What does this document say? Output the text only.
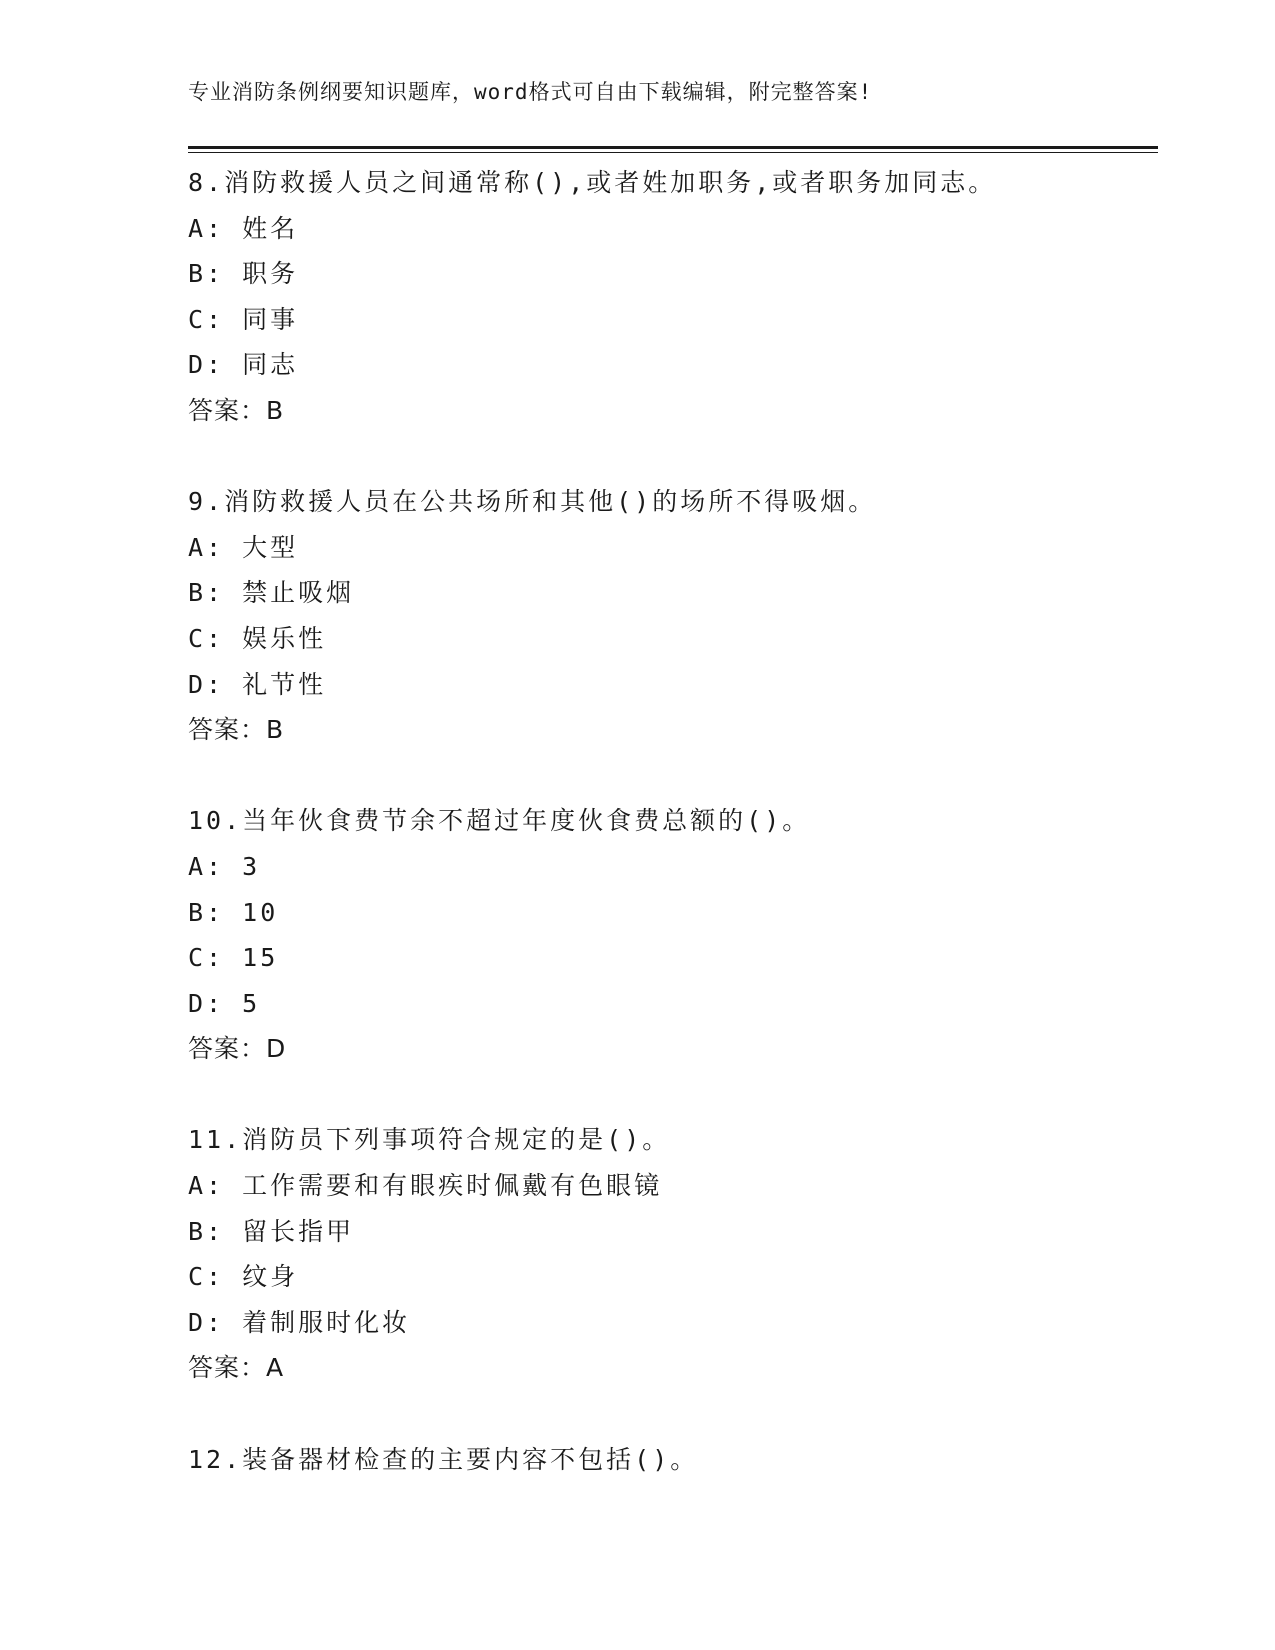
专业消防条例纲要知识题库，word格式可自由下载编辑，附完整答案!
8.消防救援人员之间通常称(),或者姓加职务,或者职务加同志。
A: 姓名
B: 职务
C: 同事
D: 同志
答案：B
9.消防救援人员在公共场所和其他()的场所不得吸烟。
A: 大型
B: 禁止吸烟
C: 娱乐性
D: 礼节性
答案：B
10.当年伙食费节余不超过年度伙食费总额的()。
A: 3
B: 10
C: 15
D: 5
答案：D
11.消防员下列事项符合规定的是()。
A: 工作需要和有眼疾时佩戴有色眼镜
B: 留长指甲
C: 纹身
D: 着制服时化妆
答案：A
12.装备器材检查的主要内容不包括()。
